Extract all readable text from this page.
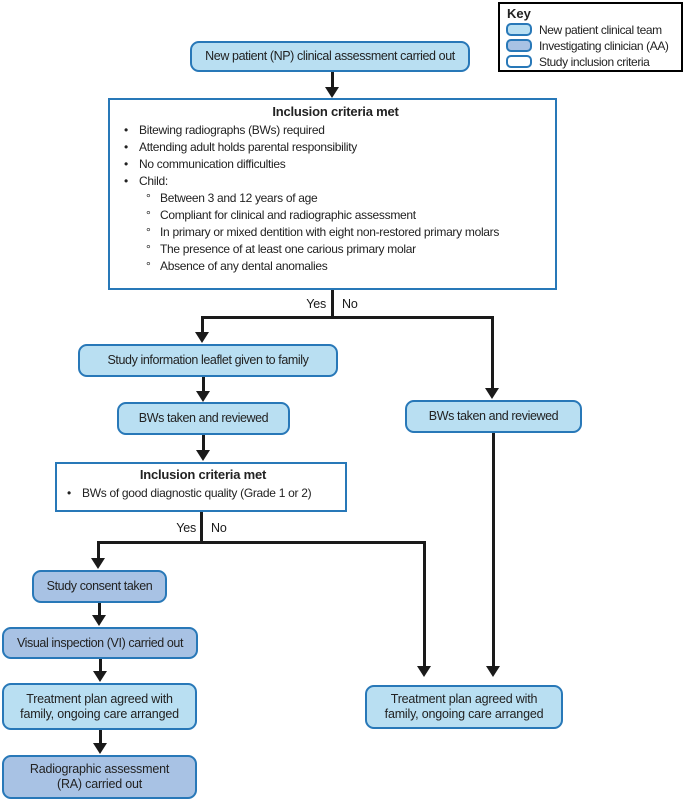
Key
New patient clinical team
Investigating clinician (AA)
Study inclusion criteria
New patient (NP) clinical assessment carried out
Inclusion criteria met
• Bitewing radiographs (BWs) required
• Attending adult holds parental responsibility
• No communication difficulties
• Child:
° Between 3 and 12 years of age
° Compliant for clinical and radiographic assessment
° In primary or mixed dentition with eight non-restored primary molars
° The presence of at least one carious primary molar
° Absence of any dental anomalies
Yes No
Study information leaflet given to family
BWs taken and reviewed
Inclusion criteria met
• BWs of good diagnostic quality (Grade 1 or 2)
Yes No
Study consent taken
Visual inspection (VI) carried out
Treatment plan agreed with family, ongoing care arranged
Radiographic assessment (RA) carried out
BWs taken and reviewed
Treatment plan agreed with family, ongoing care arranged
